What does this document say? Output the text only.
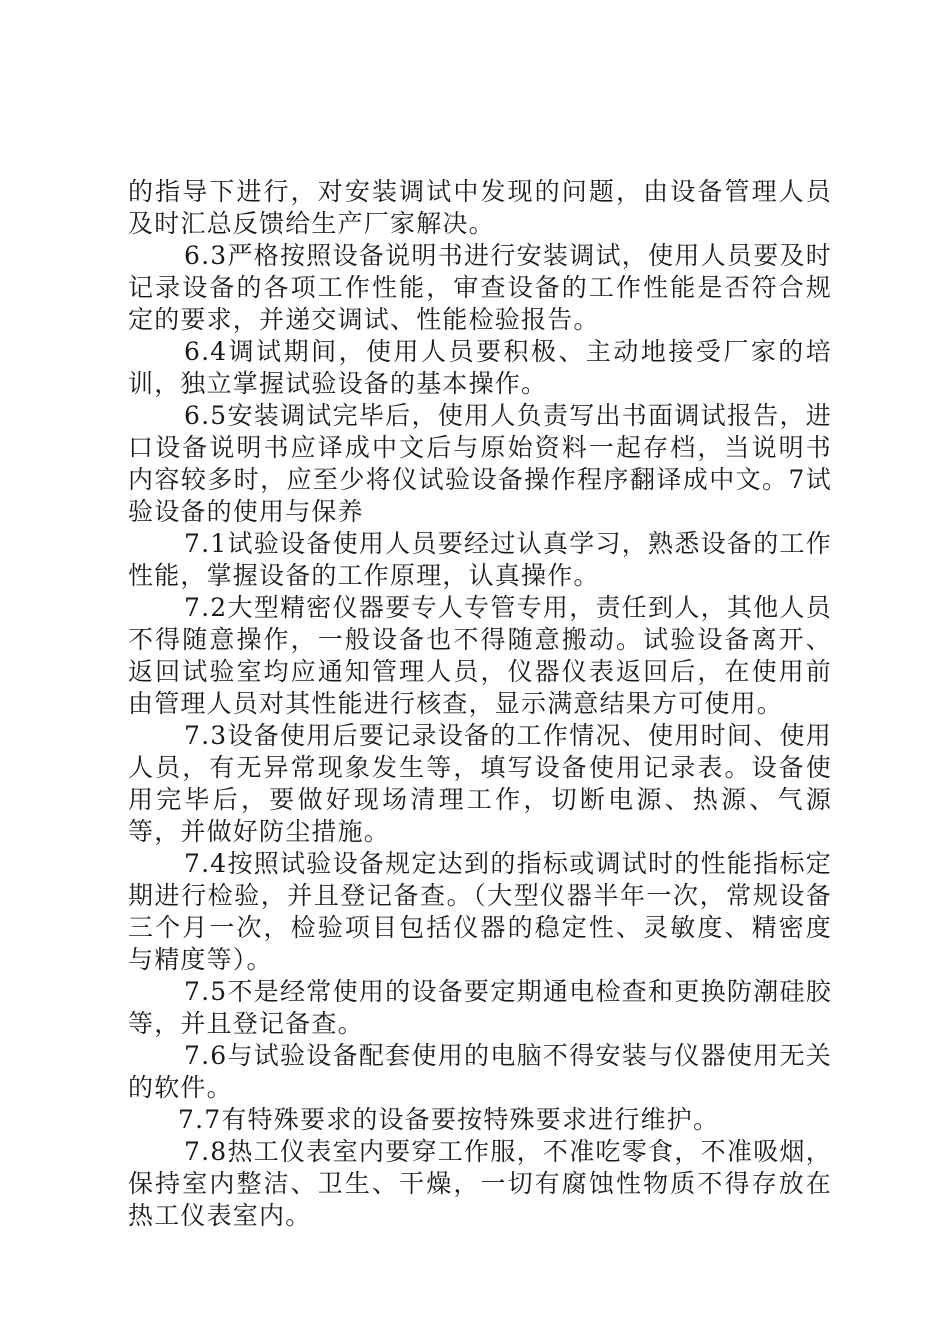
的指导下进行，对安装调试中发现的问题，由设备管理人员及时汇总反馈给生产厂家解决。

6.3严格按照设备说明书进行安装调试，使用人员要及时记录设备的各项工作性能，审查设备的工作性能是否符合规定的要求，并递交调试、性能检验报告。

6.4调试期间，使用人员要积极、主动地接受厂家的培训，独立掌握试验设备的基本操作。

6.5安装调试完毕后，使用人负责写出书面调试报告，进口设备说明书应译成中文后与原始资料一起存档，当说明书内容较多时，应至少将仪试验设备操作程序翻译成中文。7试验设备的使用与保养

7.1试验设备使用人员要经过认真学习，熟悉设备的工作性能，掌握设备的工作原理，认真操作。

7.2大型精密仪器要专人专管专用，责任到人，其他人员不得随意操作，一般设备也不得随意搬动。试验设备离开、返回试验室均应通知管理人员，仪器仪表返回后，在使用前由管理人员对其性能进行核查，显示满意结果方可使用。

7.3设备使用后要记录设备的工作情况、使用时间、使用人员，有无异常现象发生等，填写设备使用记录表。设备使用完毕后，要做好现场清理工作，切断电源、热源、气源等，并做好防尘措施。

7.4按照试验设备规定达到的指标或调试时的性能指标定期进行检验，并且登记备查。（大型仪器半年一次，常规设备三个月一次，检验项目包括仪器的稳定性、灵敏度、精密度与精度等）。

7.5不是经常使用的设备要定期通电检查和更换防潮硅胶等，并且登记备查。

7.6与试验设备配套使用的电脑不得安装与仪器使用无关的软件。

7.7有特殊要求的设备要按特殊要求进行维护。

7.8热工仪表室内要穿工作服，不准吃零食，不准吸烟，保持室内整洁、卫生、干燥，一切有腐蚀性物质不得存放在热工仪表室内。
